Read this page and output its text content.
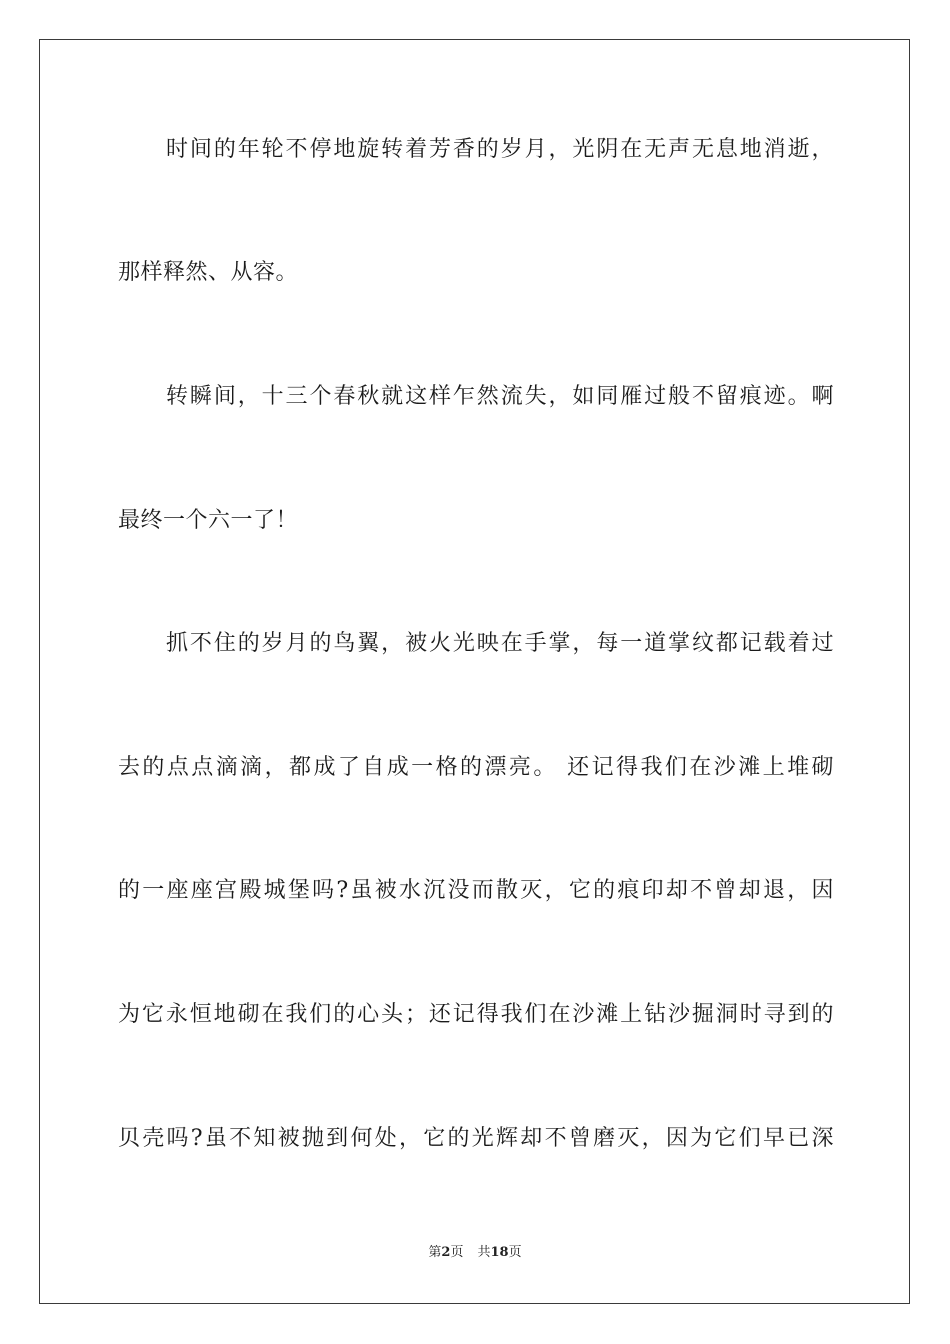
时间的年轮不停地旋转着芳香的岁月，光阴在无声无息地消逝，
那样释然、从容。
转瞬间，十三个春秋就这样乍然流失，如同雁过般不留痕迹。啊
最终一个六一了！
抓不住的岁月的鸟翼，被火光映在手掌，每一道掌纹都记载着过
去的点点滴滴，都成了自成一格的漂亮。 还记得我们在沙滩上堆砌
的一座座宫殿城堡吗?虽被水沉没而散灭，它的痕印却不曾却退，因
为它永恒地砌在我们的心头；还记得我们在沙滩上钻沙掘洞时寻到的
贝壳吗?虽不知被抛到何处，它的光辉却不曾磨灭，因为它们早已深
第2页 共18页
